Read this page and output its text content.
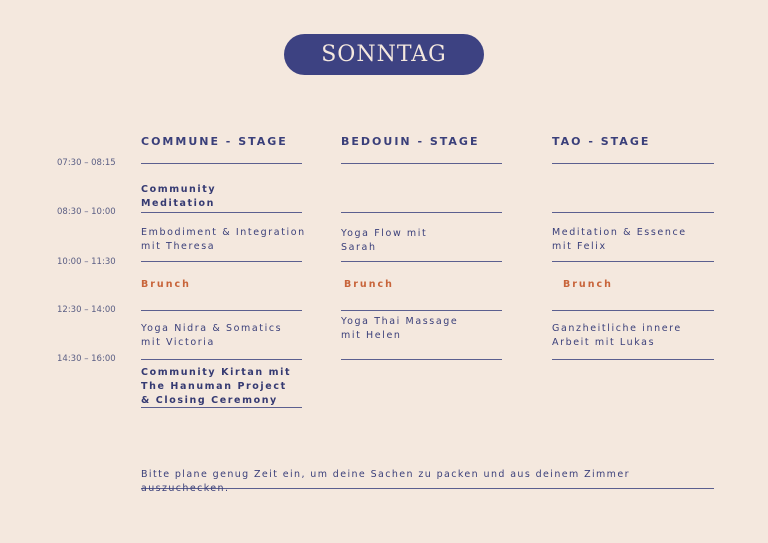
SONNTAG
COMMUNE - STAGE	BEDOUIN - STAGE	TAO - STAGE
07:30 – 08:15
08:30 – 10:00
10:00 – 11:30
12:30 – 14:00
14:30 – 16:00
Community Meditation
Embodiment & Integration mit Theresa
Brunch
Yoga Nidra & Somatics mit Victoria
Community Kirtan mit The Hanuman Project & Closing Ceremony
Yoga Flow mit Sarah
Brunch
Yoga Thai Massage mit Helen
Meditation & Essence mit Felix
Brunch
Ganzheitliche innere Arbeit mit Lukas
Bitte plane genug Zeit ein, um deine Sachen zu packen und aus deinem Zimmer auszuchecken.
